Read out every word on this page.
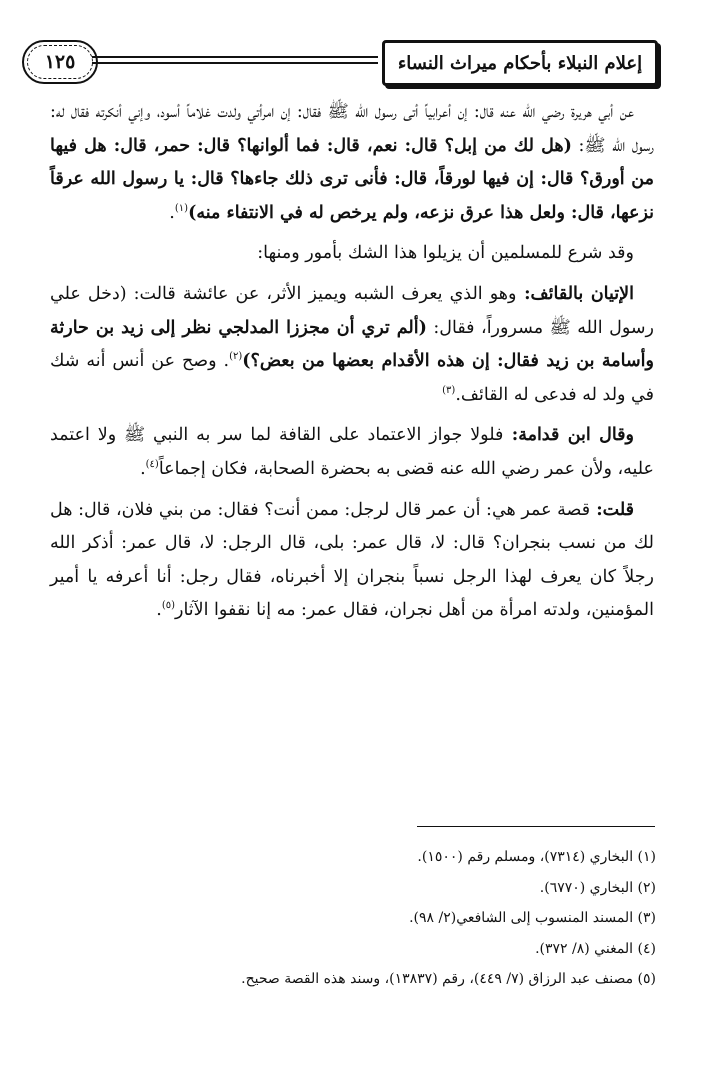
١٢٥	إعلام النبلاء بأحكام ميراث النساء

عن أبي هريرة رضي الله عنه قال: إن أعرابياً أتى رسول الله ﷺ فقال: إن امرأتي ولدت غلاماً أسود، وإني أنكرته فقال له: رسول الله ﷺ: (هل لك من إبل؟ قال: نعم، قال: فما ألوانها؟ قال: حمر، قال: هل فيها من أورق؟ قال: إن فيها لورقاً، قال: فأنى ترى ذلك جاءها؟ قال: يا رسول الله عرقاً نزعها، قال: ولعل هذا عرق نزعه، ولم يرخص له في الانتفاء منه)$^{(١)}$.

وقد شرع للمسلمين أن يزيلوا هذا الشك بأمور ومنها:

الإتيان بالقائف: وهو الذي يعرف الشبه ويميز الأثر، عن عائشة قالت: (دخل علي رسول الله ﷺ مسروراً، فقال: (ألم تري أن مجززا المدلجي نظر إلى زيد بن حارثة وأسامة بن زيد فقال: إن هذه الأقدام بعضها من بعض؟)$^{(٢)}$. وصح عن أنس أنه شك في ولد له فدعى له القائف.$^{(٣)}$

وقال ابن قدامة: فلولا جواز الاعتماد على القافة لما سر به النبي ﷺ ولا اعتمد عليه، ولأن عمر رضي الله عنه قضى به بحضرة الصحابة، فكان إجماعاً$^{(٤)}$.

قلت: قصة عمر هي: أن عمر قال لرجل: ممن أنت؟ فقال: من بني فلان، قال: هل لك من نسب بنجران؟ قال: لا، قال عمر: بلى، قال الرجل: لا، قال عمر: أذكر الله رجلاً كان يعرف لهذا الرجل نسباً بنجران إلا أخبرناه، فقال رجل: أنا أعرفه يا أمير المؤمنين، ولدته امرأة من أهل نجران، فقال عمر: مه إنا نقفوا الآثار$^{(٥)}$.

(١) البخاري (٧٣١٤)، ومسلم رقم (١٥٠٠).
(٢) البخاري (٦٧٧٠).
(٣) المسند المنسوب إلى الشافعي(٢/ ٩٨).
(٤) المغني (٨/ ٣٧٢).
(٥) مصنف عبد الرزاق (٧/ ٤٤٩)، رقم (١٣٨٣٧)، وسند هذه القصة صحيح.
